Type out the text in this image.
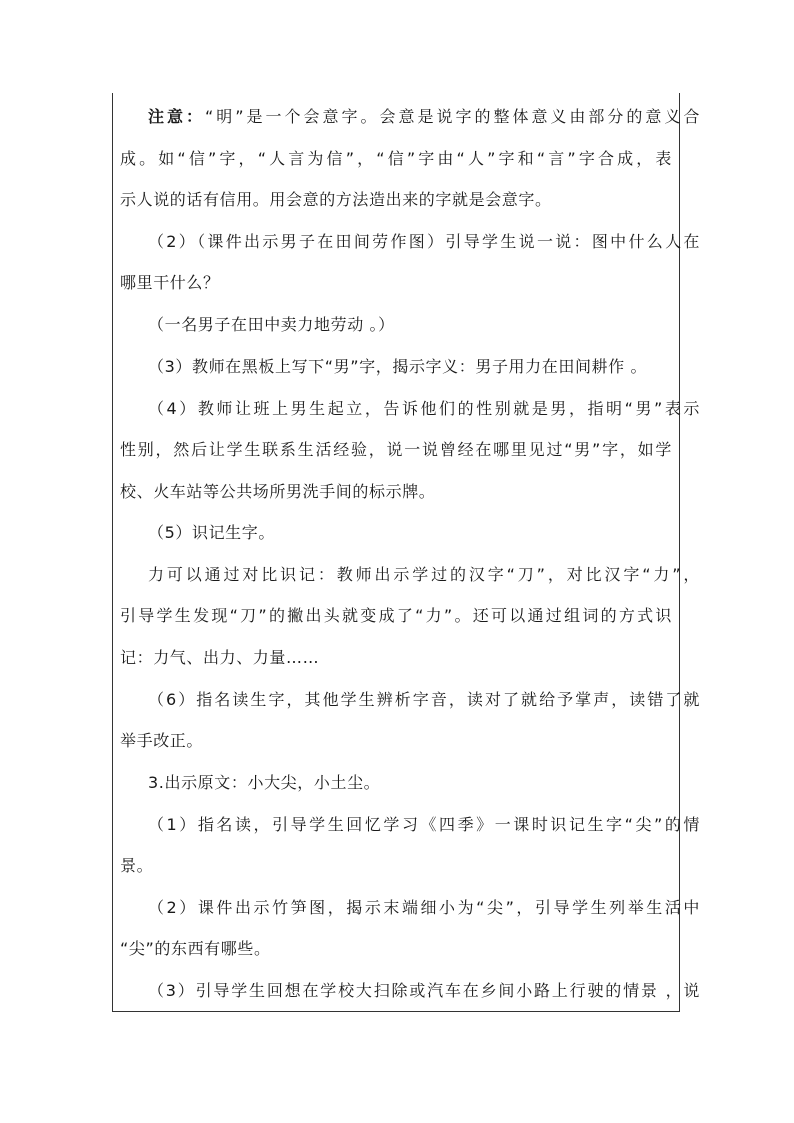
注意：“明”是一个会意字。会意是说字的整体意义由部分的意义合
成。如“信”字，“人言为信”，“信”字由“人”字和“言”字合成，表
示人说的话有信用。用会意的方法造出来的字就是会意字。
（2）（课件出示男子在田间劳作图）引导学生说一说：图中什么人在
哪里干什么？
（一名男子在田中卖力地劳动 。）
（3）教师在黑板上写下“男”字，揭示字义：男子用力在田间耕作 。
（4）教师让班上男生起立，告诉他们的性别就是男，指明“男”表示
性别，然后让学生联系生活经验，说一说曾经在哪里见过“男”字，如学
校、火车站等公共场所男洗手间的标示牌。
（5）识记生字。
力可以通过对比识记：教师出示学过的汉字“刀”，对比汉字“力”，
引导学生发现“刀”的撇出头就变成了“力”。还可以通过组词的方式识
记：力气、出力、力量……
（6）指名读生字，其他学生辨析字音，读对了就给予掌声，读错了就
举手改正。
3.出示原文：小大尖，小土尘。
（1）指名读，引导学生回忆学习《四季》一课时识记生字“尖”的情
景。
（2）课件出示竹笋图，揭示末端细小为“尖”，引导学生列举生活中
“尖”的东西有哪些。
（3）引导学生回想在学校大扫除或汽车在乡间小路上行驶的情景 ，说
